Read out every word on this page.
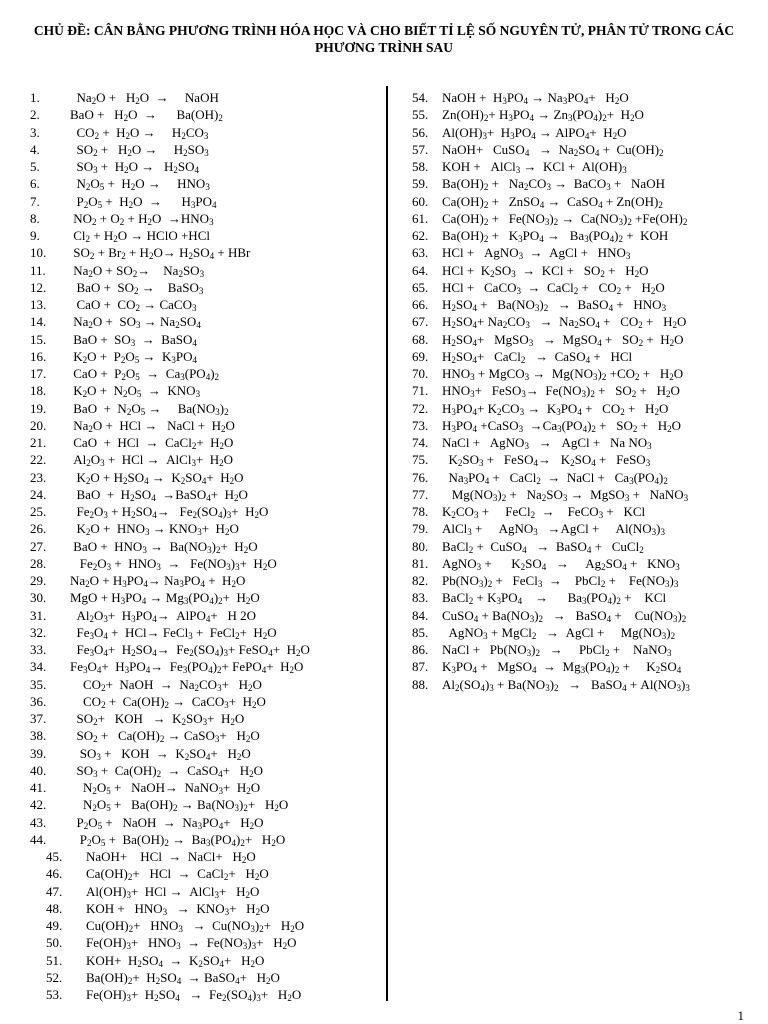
CHỦ ĐỀ: CÂN BẰNG PHƯƠNG TRÌNH HÓA HỌC VÀ CHO BIẾT TỈ LỆ SỐ NGUYÊN TỬ, PHÂN TỬ TRONG CÁC
PHƯƠNG TRÌNH SAU
1.	$Na_2O + H_2O$  →     NaOH
2.	BaO +   $H_2O$  →      $Ba(OH)_2$
3.	$CO_2 + H_2O$ →     $H_2CO_3$
4.	$SO_2 + H_2O$ →     $H_2SO_3$
5.	$SO_3 + H_2O \to H_2SO_4$
6.	$N_2O_5 + H_2O$ →     $HNO_3$
7.	$P_2O_5 + H_2O$  →      $H_3PO_4$
8.	$NO_2 + O_2 + H_2O \to HNO_3$
9.	$Cl_2 + H_2O$ → HClO +HCl
10.	$SO_2 + Br_2 + H_2O\to H_2SO_4$ + HBr
11.	$Na_2O + SO_2\to$    $Na_2SO_3$
12.	BaO +  $SO_2$ →    BaSO$_3$
13.	CaO +  $CO_2$ → CaCO$_3$
14.	$Na_2O + SO_3 \to Na_2SO_4$
15.	BaO +  $SO_3$  →  BaSO$_4$
16.	$K_2O + P_2O_5 \to K_3PO_4$
17.	CaO +  $P_2O_5 \to Ca_3(PO_4)_2$
18.	$K_2O + N_2O_5 \to KNO_3$
19.	BaO  +  $N_2O_5$ →     $Ba(NO_3)_2$
20.	$Na_2O$ +  HCl →   NaCl +  $H_2O$
21.	CaO  +  HCl  →  CaCl$_2$+  $H_2O$
22.	$Al_2O_3$ +  HCl →  AlCl$_3$+  $H_2O$
23.	$K_2O + H_2SO_4 \to K_2SO_4+ H_2O$
24.	BaO  +  $H_2SO_4$  →BaSO$_4$+  $H_2O$
25.	$Fe_2O_3 + H_2SO_4\to Fe_2(SO_4)_3+ H_2O$
26.	$K_2O + HNO_3 \to KNO_3+ H_2O$
27.	BaO +  $HNO_3 \to Ba(NO_3)_2+ H_2O$
28.	$Fe_2O_3 + HNO_3 \to Fe(NO_3)_3+ H_2O$
29.	$Na_2O + H_3PO_4\to Na_3PO_4 + H_2O$
30.	MgO + $H_3PO_4 \to Mg_3(PO_4)_2+ H_2O$
31.	$Al_2O_3+ H_3PO_4\to$  AlPO$_4$+   H 2O
32.	$Fe_3O_4 + HCl\to$ FeCl$_3$ +  FeCl$_2$+  $H_2O$
33.	$Fe_3O_4+ H_2SO_4\to Fe_2(SO_4)_3+$ FeSO$_4$+  $H_2O$
34.	$Fe_3O_4+ H_3PO_4\to Fe_3(PO_4)_2+$ FePO$_4$+  $H_2O$
35.	$CO_2+$  NaOH  →  $Na_2CO_3+ H_2O$
36.	$CO_2 + Ca(OH)_2$ →  CaCO$_3$+  $H_2O$
37.	$SO_2+$   KOH   →  $K_2SO_3+ H_2O$
38.	$SO_2 + Ca(OH)_2$ → CaSO$_3$+   $H_2O$
39.	$SO_3$ +   KOH  →  $K_2SO_4+ H_2O$
40.	$SO_3 + Ca(OH)_2$  →  CaSO$_4$+   $H_2O$
41.	$N_2O_5$ +   NaOH→  NaNO$_3$+  $H_2O$
42.	$N_2O_5 + Ba(OH)_2 \to Ba(NO_3)_2+ H_2O$
43.	$P_2O_5$ +   NaOH  →  $Na_3PO_4+ H_2O$
44.	$P_2O_5 + Ba(OH)_2 \to Ba_3(PO_4)_2+ H_2O$
45.	NaOH+    HCl  →  NaCl+   $H_2O$
46.	$Ca(OH)_2+$   HCl  →  CaCl$_2$+   $H_2O$
47.	$Al(OH)_3+$  HCl →  AlCl$_3$+   $H_2O$
48.	KOH +   $HNO_3 \to KNO_3+ H_2O$
49.	$Cu(OH)_2+ HNO_3 \to Cu(NO_3)_2+ H_2O$
50.	$Fe(OH)_3+ HNO_3 \to Fe(NO_3)_3+ H_2O$
51.	$KOH+ H_2SO_4 \to K_2SO_4+ H_2O$
52.	$Ba(OH)_2+ H_2SO_4$  → BaSO$_4$+   $H_2O$
53.	$Fe(OH)_3+ H_2SO_4 \to Fe_2(SO_4)_3+ H_2O$
54.	NaOH +  $H_3PO_4 \to Na_3PO_4+ H_2O$
55.	$Zn(OH)_2+ H_3PO_4 \to Zn_3(PO_4)_2+ H_2O$
56.	$Al(OH)_3+ H_3PO_4$ → AlPO$_4$+  $H_2O$
57.	NaOH+   CuSO$_4$   →  $Na_2SO_4 + Cu(OH)_2$
58.	KOH +   AlCl$_3$ →  KCl +  $Al(OH)_3$
59.	$Ba(OH)_2 + Na_2CO_3$ →  BaCO$_3$ +   NaOH
60.	$Ca(OH)_2$ +   ZnSO$_4$ →  CaSO$_4$ + $Zn(OH)_2$
61.	$Ca(OH)_2 + Fe(NO_3)_2 \to Ca(NO_3)_2 +Fe(OH)_2$
62.	$Ba(OH)_2 + K_3PO_4 \to Ba_3(PO_4)_2$ +  KOH
63.	HCl +   AgNO$_3$  →  AgCl +   $HNO_3$
64.	HCl +  $K_2SO_3$  →  KCl +   $SO_2 + H_2O$
65.	HCl +   CaCO$_3$  →  CaCl$_2$ +   $CO_2 + H_2O$
66.	$H_2SO_4 + Ba(NO_3)_2$   →  BaSO$_4$ +   $HNO_3$
67.	$H_2SO_4+ Na_2CO_3 \to Na_2SO_4 + CO_2 + H_2O$
68.	$H_2SO_4+$   MgSO$_3$   →  MgSO$_4$ +   $SO_2 + H_2O$
69.	$H_2SO_4+$   CaCl$_2$   →  CaSO$_4$ +   HCl
70.	$HNO_3$ + MgCO$_3$ →  $Mg(NO_3)_2 +CO_2 + H_2O$
71.	$HNO_3+$   FeSO$_3$→  $Fe(NO_3)_2 + SO_2 + H_2O$
72.	$H_3PO_4+ K_2CO_3 \to K_3PO_4 + CO_2 + H_2O$
73.	$H_3PO_4$ +CaSO$_3$  $\to Ca_3(PO_4)_2 + SO_2 + H_2O$
74.	NaCl +   AgNO$_3$   →   AgCl +   Na $NO_3$
75.	$K_2SO_3$ +   FeSO$_4$→   $K_2SO_4$ +   FeSO$_3$
76.	$Na_3PO_4$ +   CaCl$_2$  →  NaCl +   $Ca_3(PO_4)_2$
77.	$Mg(NO_3)_2 + Na_2SO_3$ →  MgSO$_3$ +   NaNO$_3$
78.	$K_2CO_3$ +     FeCl$_2$  →    FeCO$_3$ +   KCl
79.	AlCl$_3$ +     AgNO$_3$   →AgCl +     $Al(NO_3)_3$
80.	BaCl$_2$ +  CuSO$_4$   →  BaSO$_4$ +   CuCl$_2$
81.	AgNO$_3$ +      $K_2SO_4$   →     $Ag_2SO_4 + KNO_3$
82.	$Pb(NO_3)_2$ +   FeCl$_3$  →    PbCl$_2$ +    $Fe(NO_3)_3$
83.	BaCl$_2$ + $K_3PO_4$    →      $Ba_3(PO_4)_2$ +    KCl
84.	CuSO$_4$ + $Ba(NO_3)_2$   →   BaSO$_4$ +    $Cu(NO_3)_2$
85.	AgNO$_3$ + MgCl$_2$   →  AgCl +     $Mg(NO_3)_2$
86.	NaCl +   $Pb(NO_3)_2$   →     PbCl$_2$ +    NaNO$_3$
87.	$K_3PO_4$ +   MgSO$_4$  →  $Mg_3(PO_4)_2$ +     $K_2SO_4$
88.	$Al_2(SO_4)_3 + Ba(NO_3)_2$   →   BaSO$_4$ + $Al(NO_3)_3$
1
